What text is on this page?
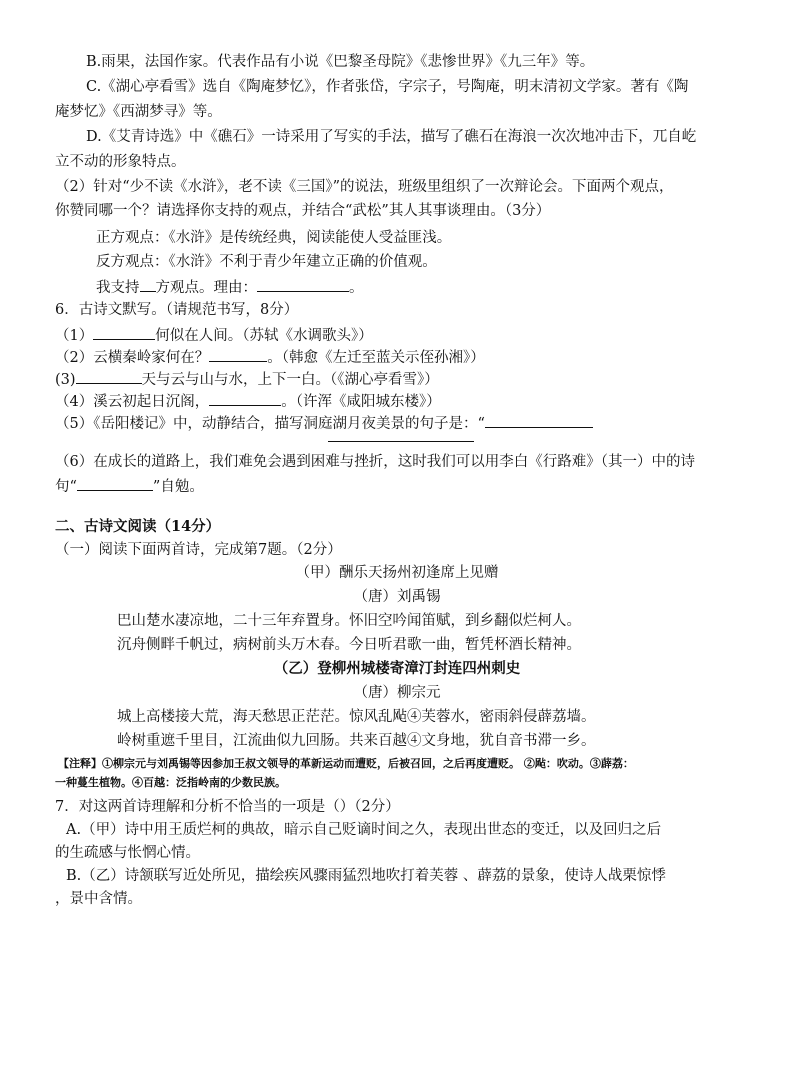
B.雨果，法国作家。代表作品有小说《巴黎圣母院》《悲惨世界》《九三年》等。
C.《湖心亭看雪》选自《陶庵梦忆》，作者张岱，字宗子，号陶庵，明末清初文学家。著有《陶
庵梦忆》《西湖梦寻》等。
D.《艾青诗选》中《礁石》一诗采用了写实的手法，描写了礁石在海浪一次次地冲击下，兀自屹
立不动的形象特点。
（2）针对“少不读《水浒》，老不读《三国》”的说法，班级里组织了一次辩论会。下面两个观点，
你赞同哪一个？请选择你支持的观点，并结合“武松”其人其事谈理由。（3分）
正方观点：《水浒》是传统经典，阅读能使人受益匪浅。
反方观点：《水浒》不利于青少年建立正确的价值观。
我支持 方观点。理由：	。
6．古诗文默写。（请规范书写，8分）
（1）	何似在人间。（苏轼《水调歌头》）
（2）云横秦岭家何在？	。（韩愈《左迁至蓝关示侄孙湘》）
(3)	天与云与山与水，上下一白。（《湖心亭看雪》）
（4）溪云初起日沉阁，	。（许浑《咸阳城东楼》）
（5）《岳阳楼记》中，动静结合，描写洞庭湖月夜美景的句子是：“
（6）在成长的道路上，我们难免会遇到困难与挫折，这时我们可以用李白《行路难》（其一）中的诗
句“	”自勉。
二、古诗文阅读（14分）
（一）阅读下面两首诗，完成第7题。（2分）
（甲）酬乐天扬州初逢席上见赠
（唐）刘禹锡
巴山楚水凄凉地，二十三年弃置身。怀旧空吟闻笛赋，到乡翻似烂柯人。
沉舟侧畔千帆过，病树前头万木春。今日听君歌一曲，暂凭杯酒长精神。
（乙）登柳州城楼寄漳汀封连四州刺史
（唐）柳宗元
城上高楼接大荒，海天愁思正茫茫。惊风乱飐④芙蓉水，密雨斜侵薜荔墙。
岭树重遮千里目，江流曲似九回肠。共来百越④文身地，犹自音书滞一乡。
【注释】①柳宗元与刘禹锡等因参加王叔文领导的革新运动而遭贬，后被召回，之后再度遭贬。 ②飐：吹动。③薜荔：
一种蔓生植物。④百越：泛指岭南的少数民族。
7．对这两首诗理解和分析不恰当的一项是（）（2分）
A.（甲）诗中用王质烂柯的典故，暗示自己贬谪时间之久，表现出世态的变迁，以及回归之后
的生疏感与怅惘心情。
B.（乙）诗颔联写近处所见，描绘疾风骤雨猛烈地吹打着芙蓉 、薜荔的景象，使诗人战栗惊悸
，景中含情。
